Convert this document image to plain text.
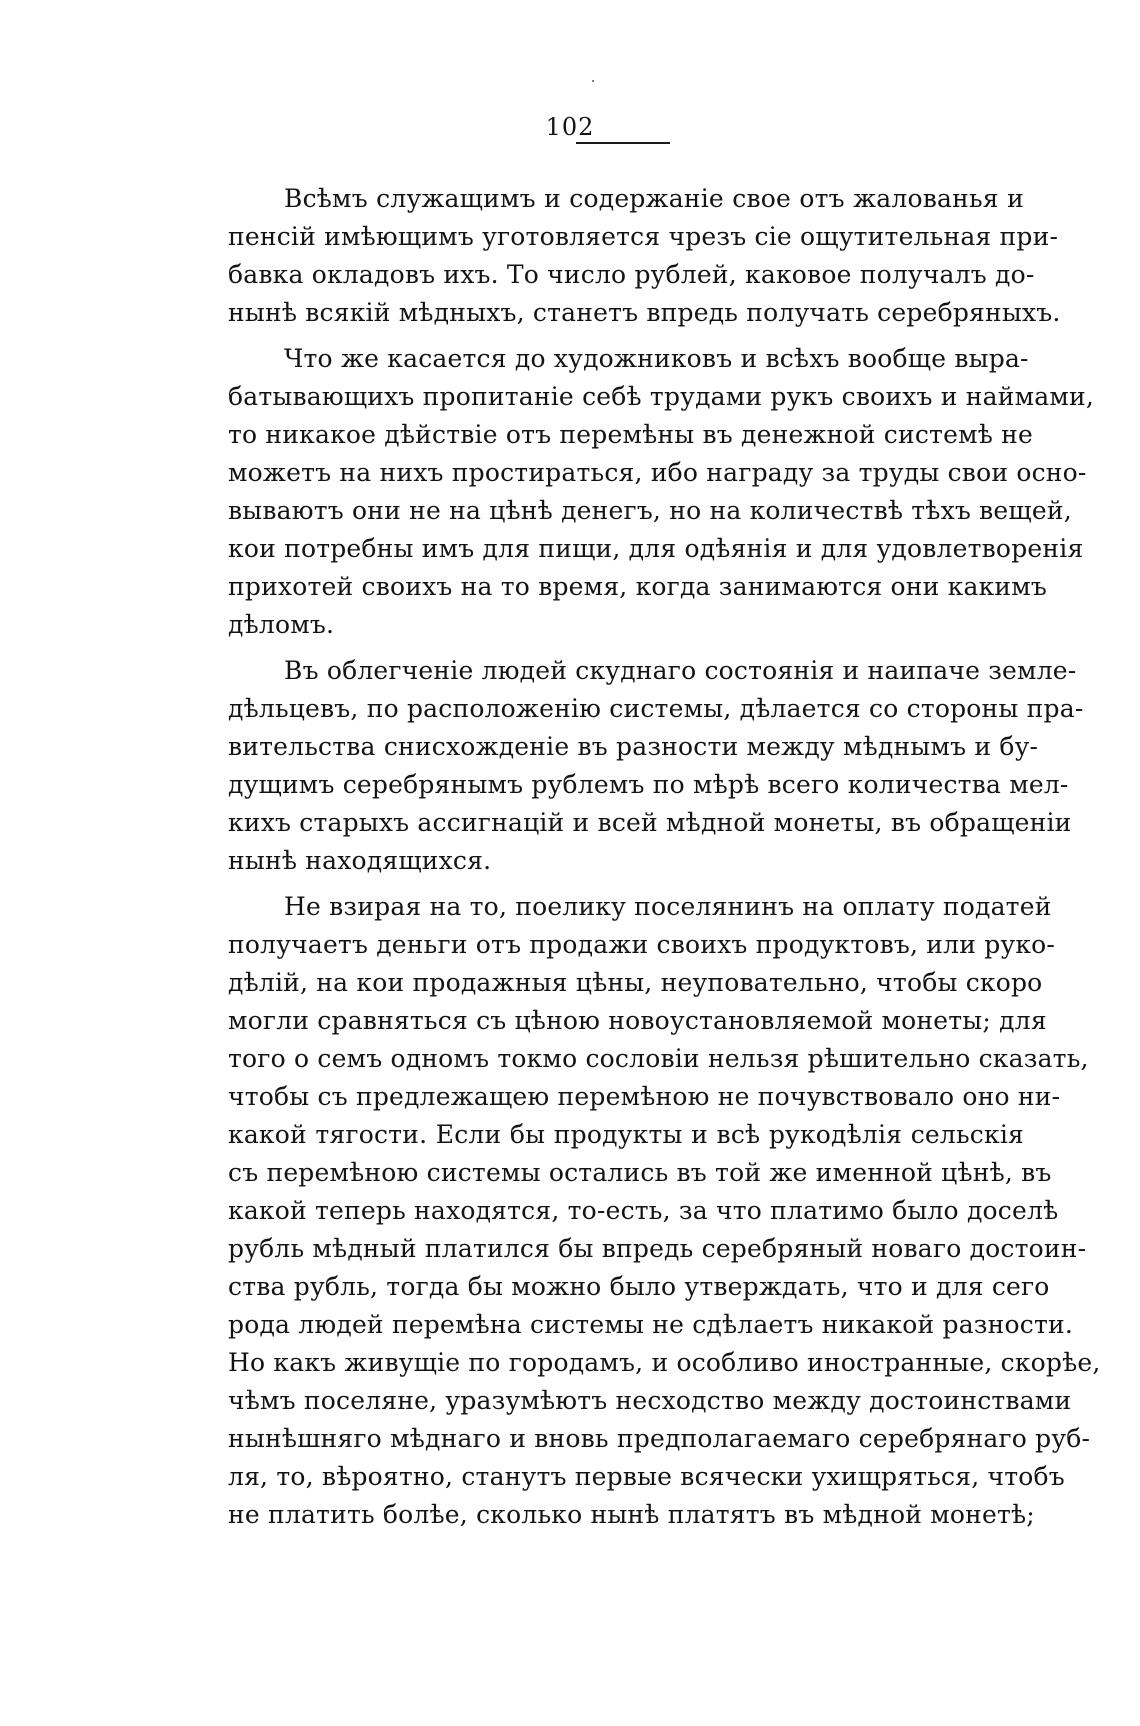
102
Всѣмъ служащимъ и содержаніе свое отъ жалованья и
пенсій имѣющимъ уготовляется чрезъ сіе ощутительная при-
бавка окладовъ ихъ. То число рублей, каковое получалъ до-
нынѣ всякій мѣдныхъ, станетъ впредь получать серебряныхъ.
Что же касается до художниковъ и всѣхъ вообще выра-
батывающихъ пропитаніе себѣ трудами рукъ своихъ и наймами,
то никакое дѣйствіе отъ перемѣны въ денежной системѣ не
можетъ на нихъ простираться, ибо награду за труды свои осно-
вываютъ они не на цѣнѣ денегъ, но на количествѣ тѣхъ вещей,
кои потребны имъ для пищи, для одѣянія и для удовлетворенія
прихотей своихъ на то время, когда занимаются они какимъ
дѣломъ.
Въ облегченіе людей скуднаго состоянія и наипаче земле-
дѣльцевъ, по расположенію системы, дѣлается со стороны пра-
вительства снисхожденіе въ разности между мѣднымъ и бу-
дущимъ серебрянымъ рублемъ по мѣрѣ всего количества мел-
кихъ старыхъ ассигнацій и всей мѣдной монеты, въ обращеніи
нынѣ находящихся.
Не взирая на то, поелику поселянинъ на оплату податей
получаетъ деньги отъ продажи своихъ продуктовъ, или руко-
дѣлій, на кои продажныя цѣны, неуповательно, чтобы скоро
могли сравняться съ цѣною новоустановляемой монеты; для
того о семъ одномъ токмо сословіи нельзя рѣшительно сказать,
чтобы съ предлежащею перемѣною не почувствовало оно ни-
какой тягости. Если бы продукты и всѣ рукодѣлія сельскія
съ перемѣною системы остались въ той же именной цѣнѣ, въ
какой теперь находятся, то-есть, за что платимо было доселѣ
рубль мѣдный платился бы впредь серебряный новаго достоин-
ства рубль, тогда бы можно было утверждать, что и для сего
рода людей перемѣна системы не сдѣлаетъ никакой разности.
Но какъ живущіе по городамъ, и особливо иностранные, скорѣе,
чѣмъ поселяне, уразумѣютъ несходство между достоинствами
нынѣшняго мѣднаго и вновь предполагаемаго серебрянаго руб-
ля, то, вѣроятно, станутъ первые всячески ухищряться, чтобъ
не платить болѣе, сколько нынѣ платятъ въ мѣдной монетѣ;
